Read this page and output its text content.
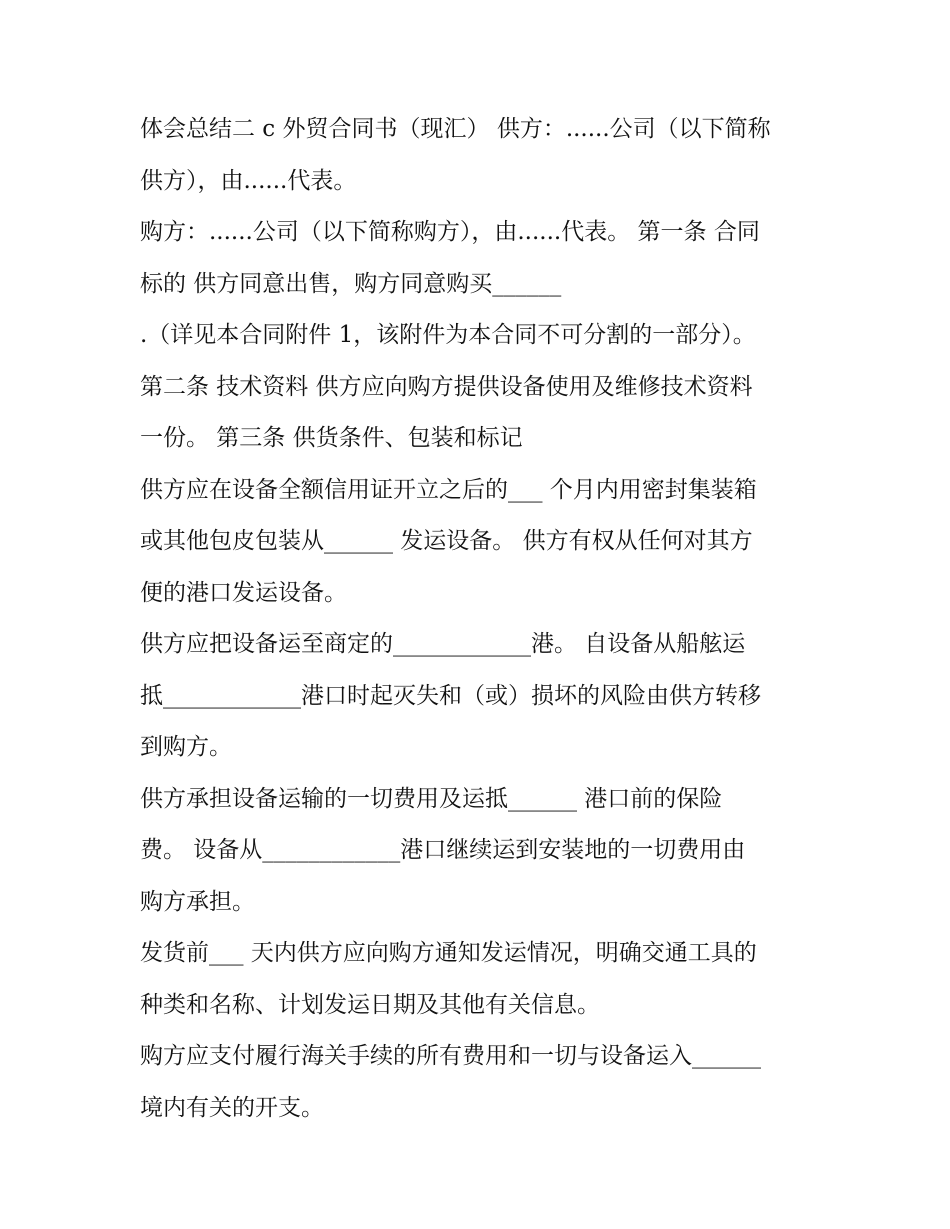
体会总结二 c 外贸合同书（现汇） 供方：......公司（以下简称
供方），由......代表。
购方：......公司（以下简称购方），由......代表。 第一条 合同
标的 供方同意出售，购方同意购买______
.（详见本合同附件 1，该附件为本合同不可分割的一部分）。
第二条 技术资料 供方应向购方提供设备使用及维修技术资料
一份。 第三条 供货条件、包装和标记
供方应在设备全额信用证开立之后的___ 个月内用密封集装箱
或其他包皮包装从______ 发运设备。 供方有权从任何对其方
便的港口发运设备。
供方应把设备运至商定的____________港。 自设备从船舷运
抵____________港口时起灭失和（或）损坏的风险由供方转移
到购方。
供方承担设备运输的一切费用及运抵______ 港口前的保险
费。 设备从____________港口继续运到安装地的一切费用由
购方承担。
发货前___ 天内供方应向购方通知发运情况，明确交通工具的
种类和名称、计划发运日期及其他有关信息。
购方应支付履行海关手续的所有费用和一切与设备运入______
境内有关的开支。
